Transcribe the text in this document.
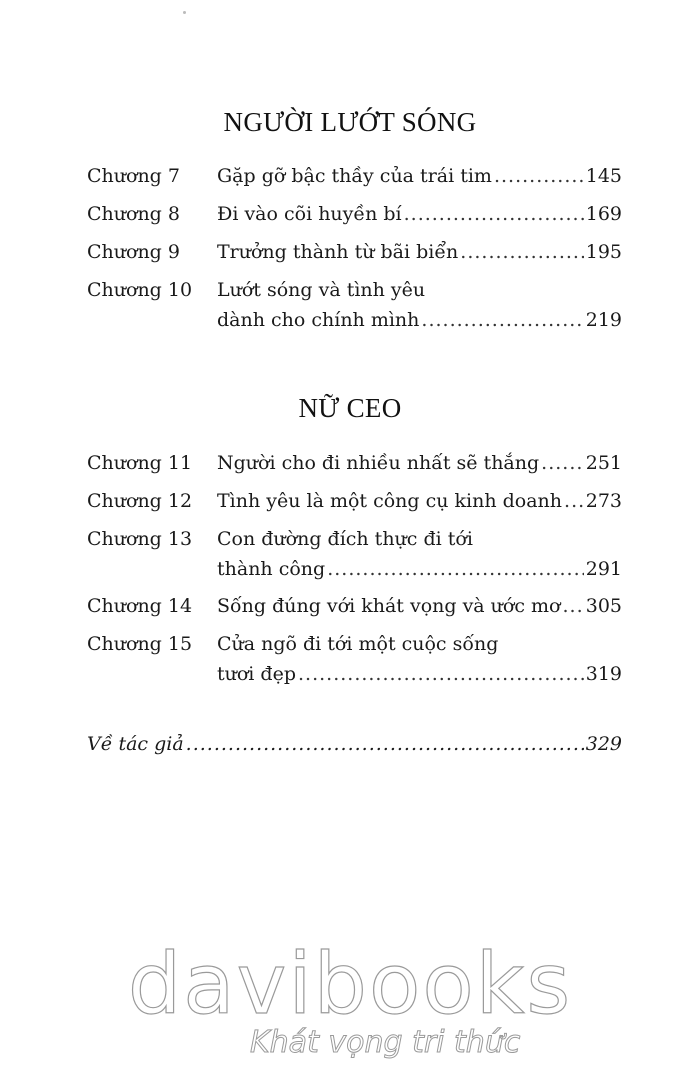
NGƯỜI LƯỚT SÓNG
Chương 7 Gặp gỡ bậc thầy của trái tim .....	145
Chương 8 Đi vào cõi huyền bí .....	169
Chương 9 Trưởng thành từ bãi biển .....	195
Chương 10 Lướt sóng và tình yêu
dành cho chính mình .....	219
NỮ CEO
Chương 11 Người cho đi nhiều nhất sẽ thắng ..... 251
Chương 12 Tình yêu là một công cụ kinh doanh ..... 273
Chương 13 Con đường đích thực đi tới
thành công .....	291
Chương 14 Sống đúng với khát vọng và ước mơ ..... 305
Chương 15 Cửa ngõ đi tới một cuộc sống
tươi đẹp .....	319
Về tác giả .....	329
davibooks
Khát vọng tri thức
